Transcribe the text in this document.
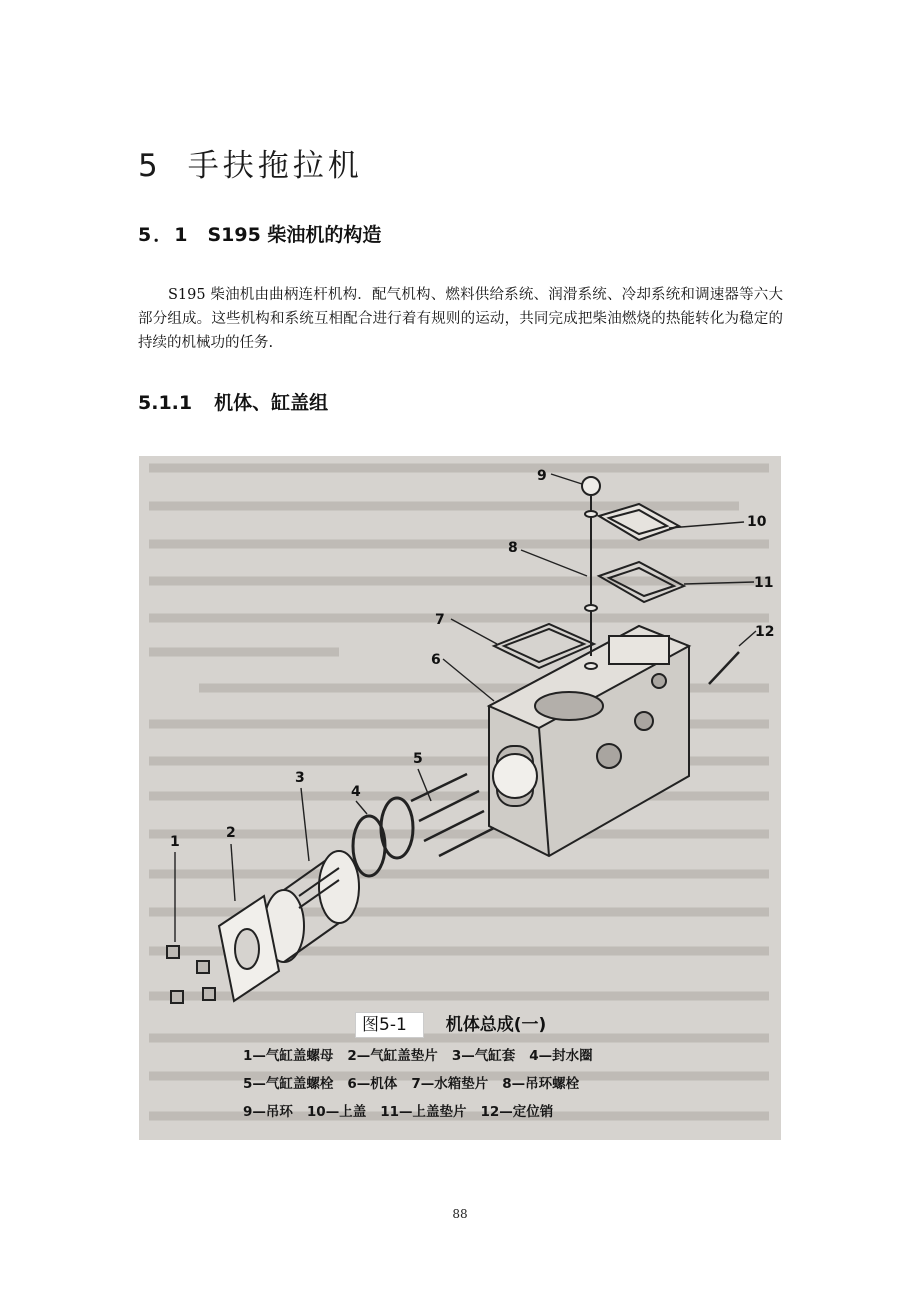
5 手扶拖拉机
5．1 S195 柴油机的构造

S195 柴油机由曲柄连杆机构．配气机构、燃料供给系统、润滑系统、冷却系统和调速器等六大部分组成。这些机构和系统互相配合进行着有规则的运动，共同完成把柴油燃烧的热能转化为稳定的持续的机械功的任务.

5.1.1 机体、缸盖组
1
2
3
4
5
6
7
8
9
10
11
12
图5-1 机体总成(一)
1—气缸盖螺母 2—气缸盖垫片 3—气缸套 4—封水圈
5—气缸盖螺栓 6—机体 7—水箱垫片 8—吊环螺栓
9—吊环 10—上盖 11—上盖垫片 12—定位销
88
